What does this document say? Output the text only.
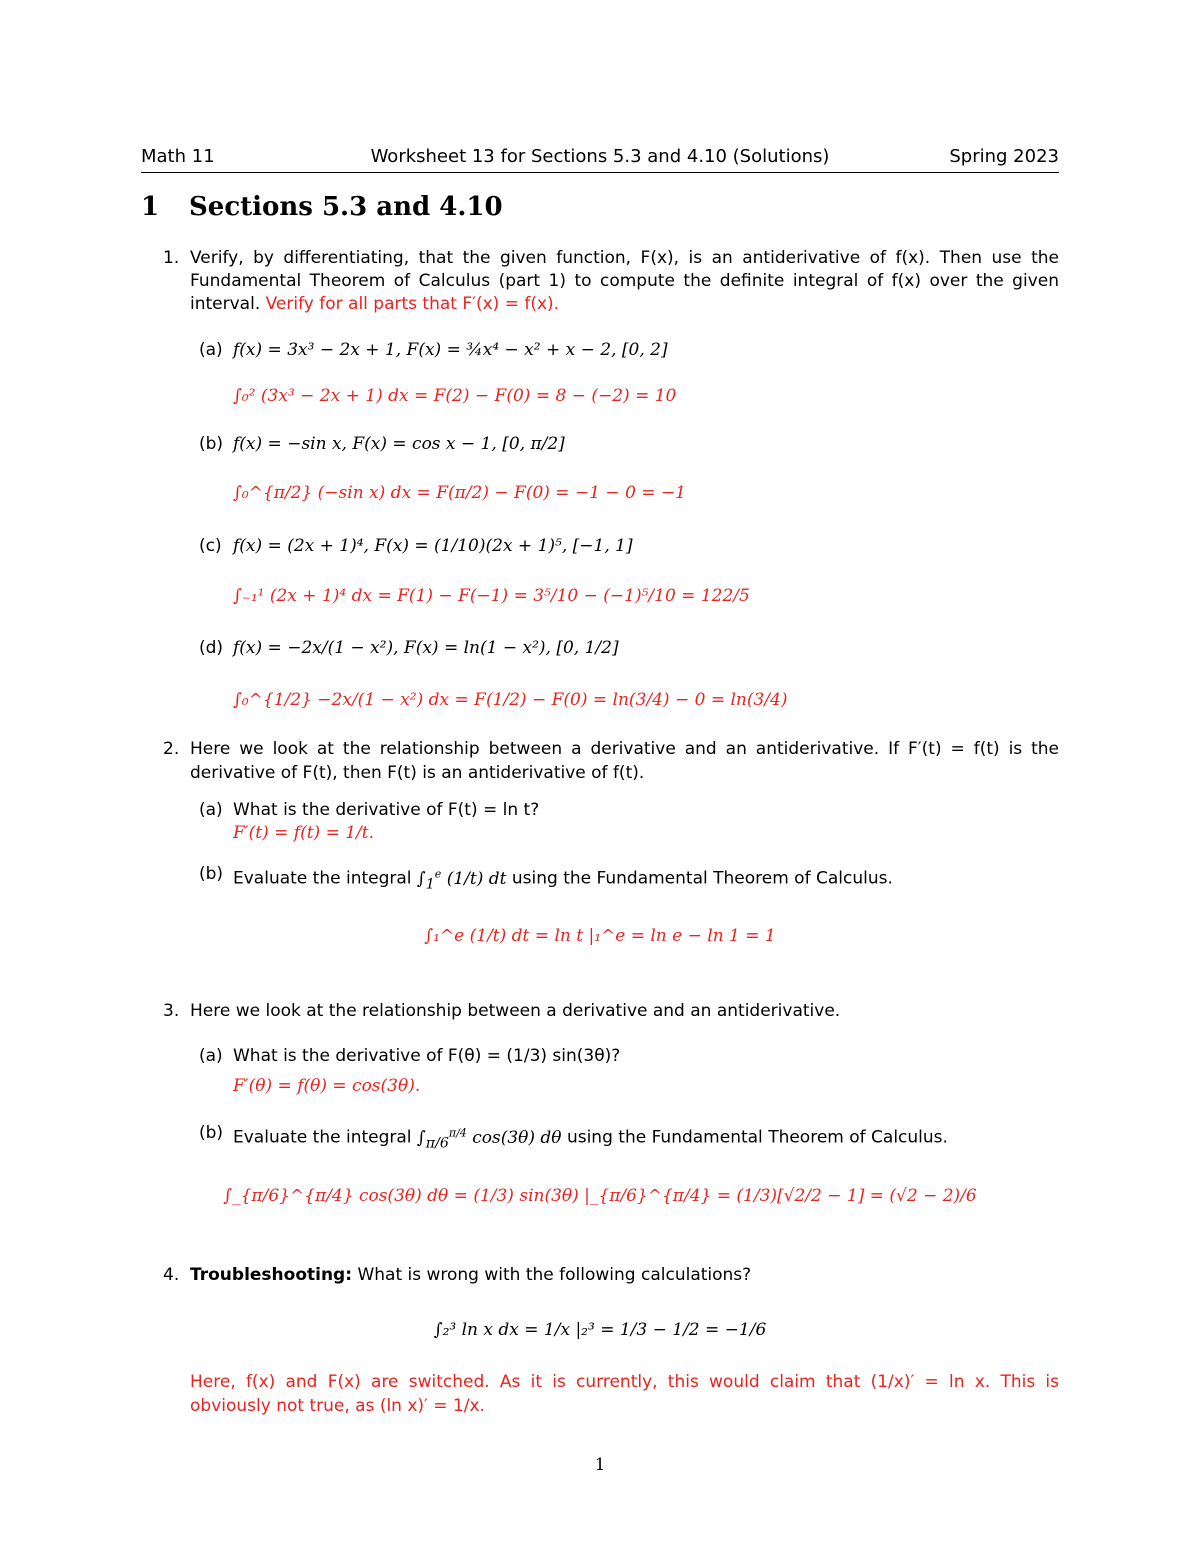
Math 11	Worksheet 13 for Sections 5.3 and 4.10 (Solutions)	Spring 2023
1 Sections 5.3 and 4.10
1. Verify, by differentiating, that the given function, F(x), is an antiderivative of f(x). Then use the
Fundamental Theorem of Calculus (part 1) to compute the definite integral of f(x) over the given
interval. Verify for all parts that F′(x) = f(x).
(a) f(x) = 3x³ − 2x + 1, F(x) = ¾x⁴ − x² + x − 2, [0, 2]
∫₀² (3x³ − 2x + 1) dx = F(2) − F(0) = 8 − (−2) = 10
(b) f(x) = −sin x, F(x) = cos x − 1, [0, π/2]
∫₀^{π/2} (−sin x) dx = F(π/2) − F(0) = −1 − 0 = −1
(c) f(x) = (2x + 1)⁴, F(x) = (1/10)(2x + 1)⁵, [−1, 1]
∫₋₁¹ (2x + 1)⁴ dx = F(1) − F(−1) = 3⁵/10 − (−1)⁵/10 = 122/5
(d) f(x) = −2x/(1 − x²), F(x) = ln(1 − x²), [0, 1/2]
∫₀^{1/2} −2x/(1 − x²) dx = F(1/2) − F(0) = ln(3/4) − 0 = ln(3/4)
2. Here we look at the relationship between a derivative and an antiderivative. If F′(t) = f(t) is the
derivative of F(t), then F(t) is an antiderivative of f(t).
(a) What is the derivative of F(t) = ln t?
F′(t) = f(t) = 1/t.
(b) Evaluate the integral $\int_1^e$ (1/t) dt using the Fundamental Theorem of Calculus.
∫₁^e (1/t) dt = ln t |₁^e = ln e − ln 1 = 1
3. Here we look at the relationship between a derivative and an antiderivative.
(a) What is the derivative of F(θ) = (1/3) sin(3θ)?
F′(θ) = f(θ) = cos(3θ).
(b) Evaluate the integral $\int_{\pi/6}^{\pi/4}$ cos(3θ) dθ using the Fundamental Theorem of Calculus.
∫_{π/6}^{π/4} cos(3θ) dθ = (1/3) sin(3θ) |_{π/6}^{π/4} = (1/3)[√2/2 − 1] = (√2 − 2)/6
4. Troubleshooting: What is wrong with the following calculations?
∫₂³ ln x dx = 1/x |₂³ = 1/3 − 1/2 = −1/6
Here, f(x) and F(x) are switched. As it is currently, this would claim that (1/x)′ = ln x. This is
obviously not true, as (ln x)′ = 1/x.
1
